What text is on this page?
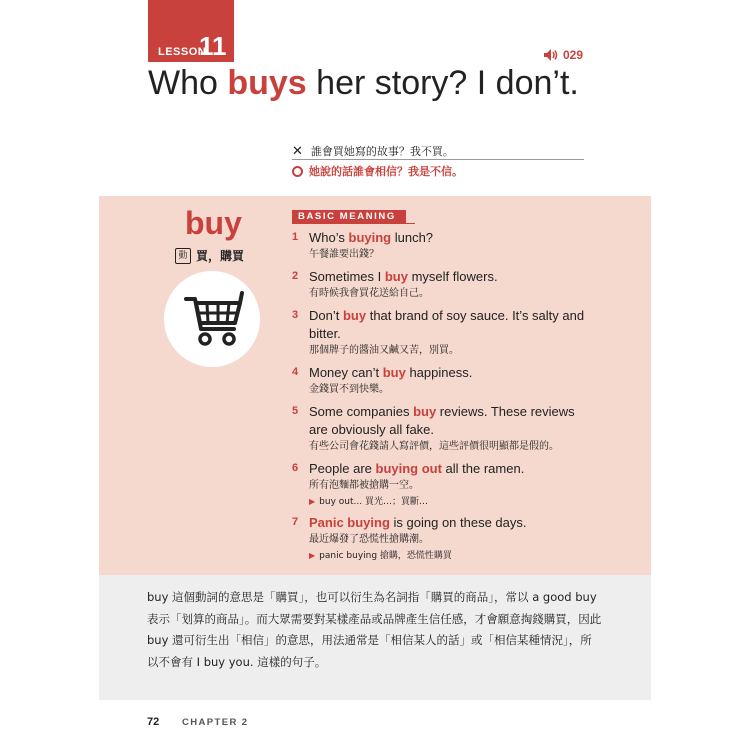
LESSON
11	029
Who buys her story? I don’t.
✕ 誰會買她寫的故事？我不買。
她說的話誰會相信？我是不信。
buy
動 買，購買
BASIC MEANING
1 Who’s buying lunch?
午餐誰要出錢？
2 Sometimes I buy myself flowers.
有時候我會買花送給自己。
3 Don’t buy that brand of soy sauce. It’s salty and bitter.
那個牌子的醬油又鹹又苦，別買。
4 Money can’t buy happiness.
金錢買不到快樂。
5 Some companies buy reviews. These reviews are obviously all fake.
有些公司會花錢請人寫評價，這些評價很明顯都是假的。
6 People are buying out all the ramen.
所有泡麵都被搶購一空。
▶ buy out... 買光…；買斷…
7 Panic buying is going on these days.
最近爆發了恐慌性搶購潮。
▶ panic buying 搶購，恐慌性購買

buy 這個動詞的意思是「購買」，也可以衍生為名詞指「購買的商品」，常以 a good buy 表示「划算的商品」。而大眾需要對某樣產品或品牌產生信任感，才會願意掏錢購買，因此 buy 還可衍生出「相信」的意思，用法通常是「相信某人的話」或「相信某種情況」，所以不會有 I buy you. 這樣的句子。

72 CHAPTER 2
